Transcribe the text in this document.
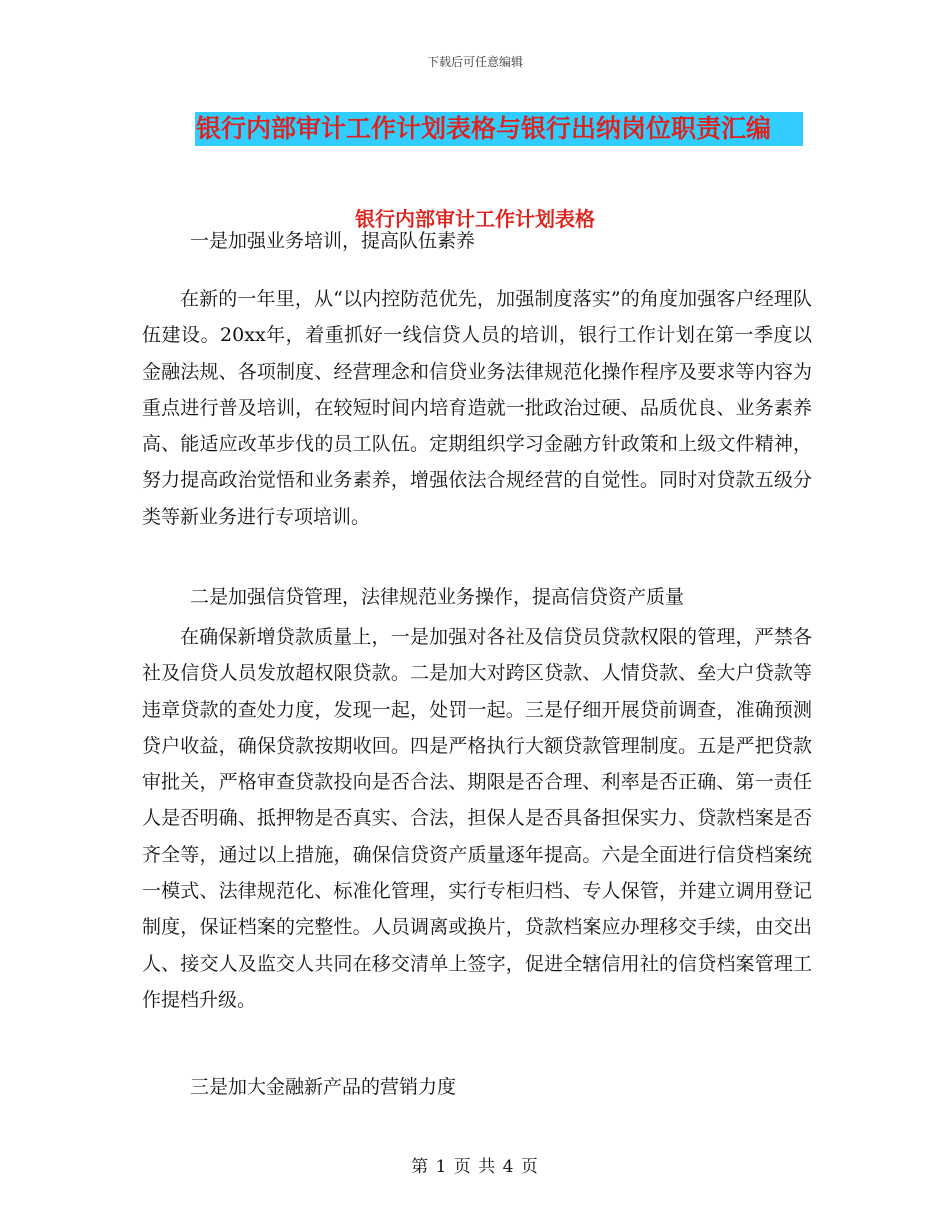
下载后可任意编辑
银行内部审计工作计划表格与银行出纳岗位职责汇编
银行内部审计工作计划表格
一是加强业务培训，提高队伍素养
在新的一年里，从“以内控防范优先，加强制度落实”的角度加强客户经理队伍建设。20xx年，着重抓好一线信贷人员的培训，银行工作计划在第一季度以金融法规、各项制度、经营理念和信贷业务法律规范化操作程序及要求等内容为重点进行普及培训，在较短时间内培育造就一批政治过硬、品质优良、业务素养高、能适应改革步伐的员工队伍。定期组织学习金融方针政策和上级文件精神，努力提高政治觉悟和业务素养，增强依法合规经营的自觉性。同时对贷款五级分类等新业务进行专项培训。
二是加强信贷管理，法律规范业务操作，提高信贷资产质量
在确保新增贷款质量上，一是加强对各社及信贷员贷款权限的管理，严禁各社及信贷人员发放超权限贷款。二是加大对跨区贷款、人情贷款、垒大户贷款等违章贷款的查处力度，发现一起，处罚一起。三是仔细开展贷前调查，准确预测贷户收益，确保贷款按期收回。四是严格执行大额贷款管理制度。五是严把贷款审批关，严格审查贷款投向是否合法、期限是否合理、利率是否正确、第一责任人是否明确、抵押物是否真实、合法，担保人是否具备担保实力、贷款档案是否齐全等，通过以上措施，确保信贷资产质量逐年提高。六是全面进行信贷档案统一模式、法律规范化、标准化管理，实行专柜归档、专人保管，并建立调用登记制度，保证档案的完整性。人员调离或换片，贷款档案应办理移交手续，由交出人、接交人及监交人共同在移交清单上签字，促进全辖信用社的信贷档案管理工作提档升级。
三是加大金融新产品的营销力度
第 1 页 共 4 页
